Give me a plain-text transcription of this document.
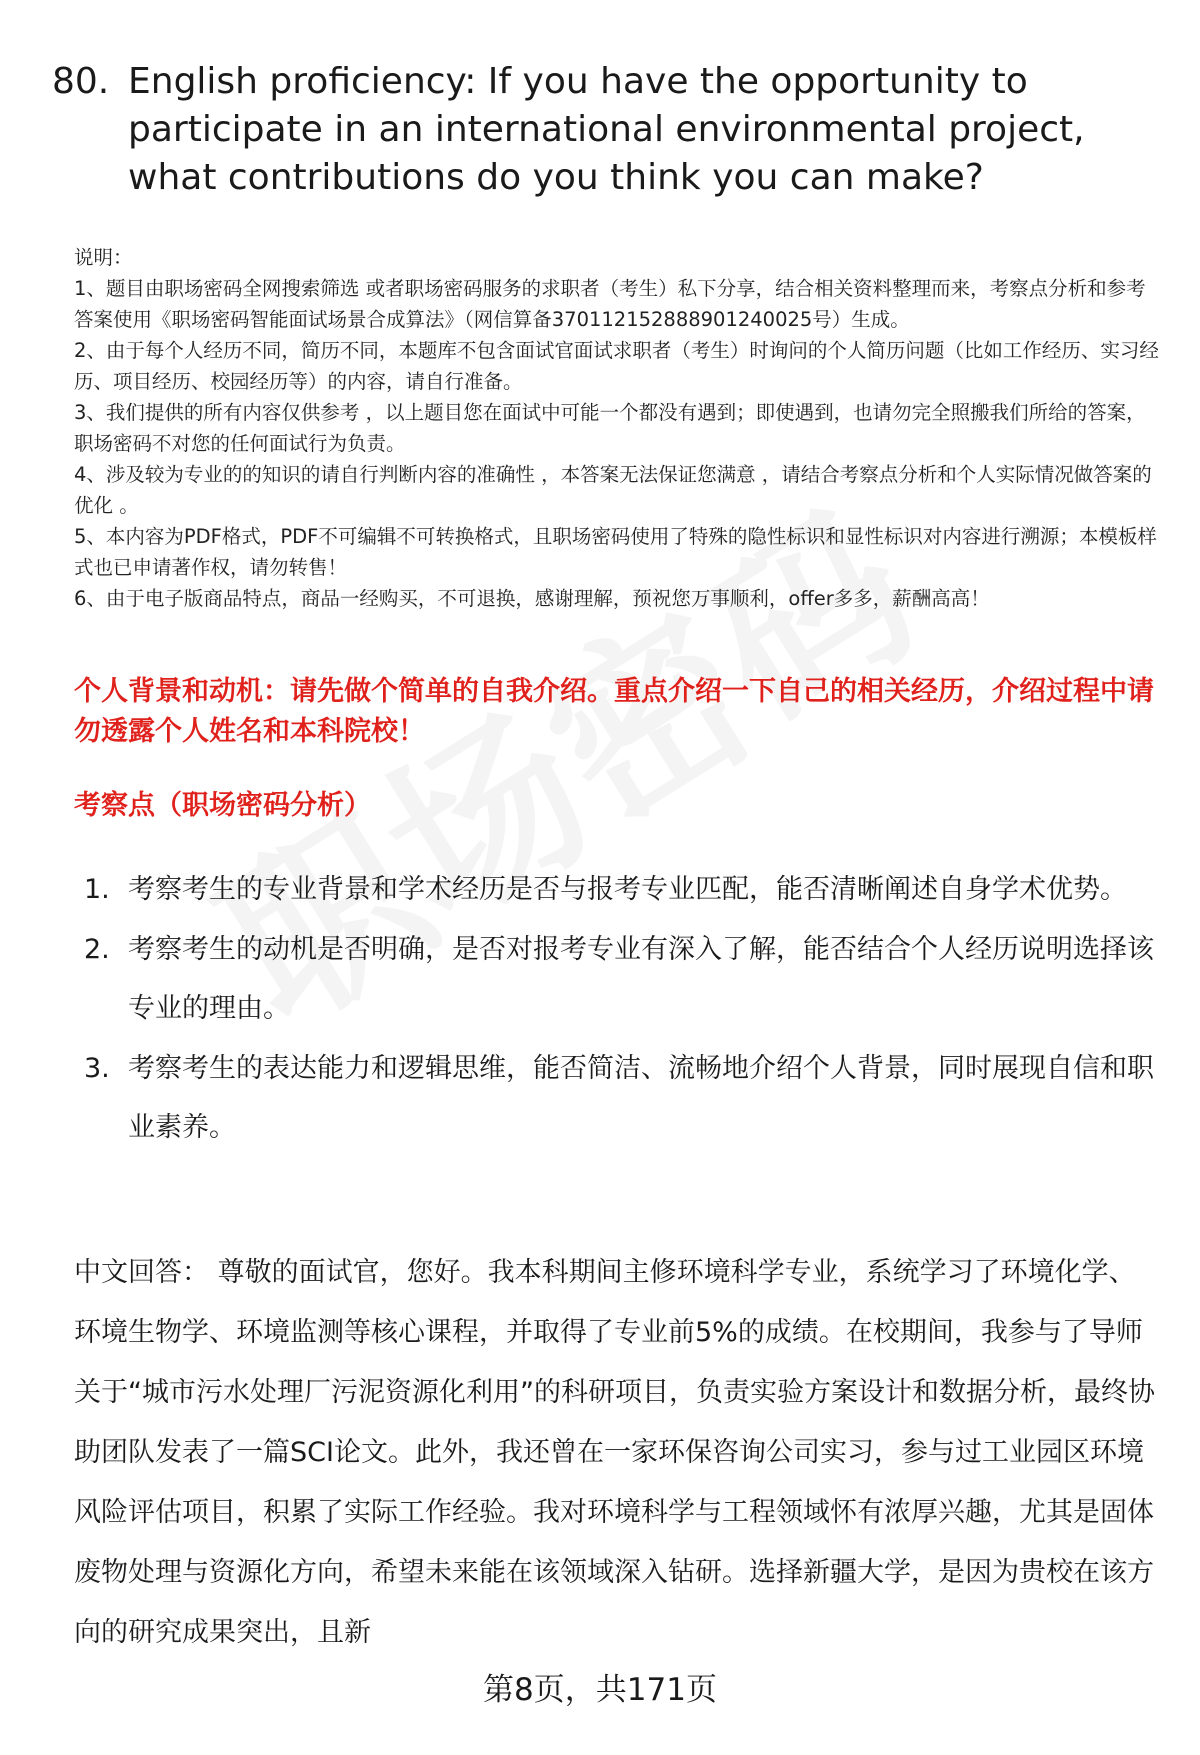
80. English proficiency: If you have the opportunity to participate in an international environmental project, what contributions do you think you can make?

说明：

1、题目由职场密码全网搜索筛选 或者职场密码服务的求职者（考生）私下分享，结合相关资料整理而来，考察点分析和参考答案使用《职场密码智能面试场景合成算法》（网信算备370112152888901240025号）生成。

2、由于每个人经历不同，简历不同，本题库不包含面试官面试求职者（考生）时询问的个人简历问题（比如工作经历、实习经历、项目经历、校园经历等）的内容，请自行准备。

3、我们提供的所有内容仅供参考 ，以上题目您在面试中可能一个都没有遇到；即使遇到，也请勿完全照搬我们所给的答案，职场密码不对您的任何面试行为负责。

4、涉及较为专业的的知识的请自行判断内容的准确性 ，本答案无法保证您满意 ，请结合考察点分析和个人实际情况做答案的优化 。

5、本内容为PDF格式，PDF不可编辑不可转换格式，且职场密码使用了特殊的隐性标识和显性标识对内容进行溯源；本模板样式也已申请著作权，请勿转售！

6、由于电子版商品特点，商品一经购买，不可退换，感谢理解，预祝您万事顺利，offer多多，薪酬高高！

个人背景和动机：请先做个简单的自我介绍。重点介绍一下自己的相关经历，介绍过程中请勿透露个人姓名和本科院校！
考察点（职场密码分析）
1. 考察考生的专业背景和学术经历是否与报考专业匹配，能否清晰阐述自身学术优势。
2. 考察考生的动机是否明确，是否对报考专业有深入了解，能否结合个人经历说明选择该专业的理由。
3. 考察考生的表达能力和逻辑思维，能否简洁、流畅地介绍个人背景，同时展现自信和职业素养。

中文回答： 尊敬的面试官，您好。我本科期间主修环境科学专业，系统学习了环境化学、环境生物学、环境监测等核心课程，并取得了专业前5%的成绩。在校期间，我参与了导师关于“城市污水处理厂污泥资源化利用”的科研项目，负责实验方案设计和数据分析，最终协助团队发表了一篇SCI论文。此外，我还曾在一家环保咨询公司实习，参与过工业园区环境风险评估项目，积累了实际工作经验。我对环境科学与工程领域怀有浓厚兴趣，尤其是固体废物处理与资源化方向，希望未来能在该领域深入钻研。选择新疆大学，是因为贵校在该方向的研究成果突出，且新

第8页，共171页
